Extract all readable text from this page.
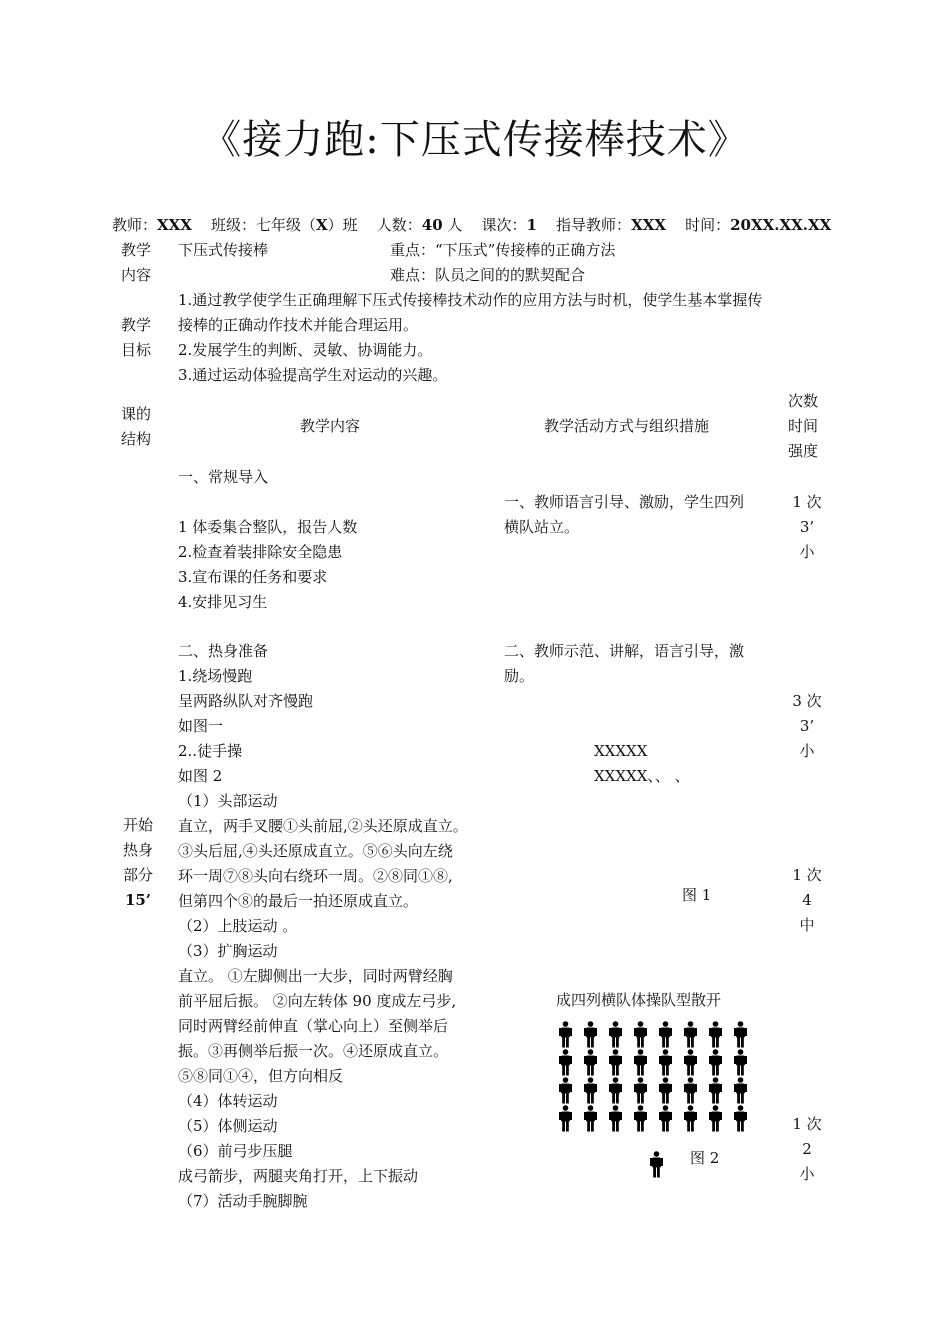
《接力跑:下压式传接棒技术》
教师：XXX 班级：七年级（X）班 人数：40 人 课次：1 指导教师：XXX 时间：20XX.XX.XX
教学
内容
下压式传接棒	重点：“下压式”传接棒的正确方法
难点：队员之间的的默契配合
教学
目标
1.通过教学使学生正确理解下压式传接棒技术动作的应用方法与时机，使学生基本掌握传
接棒的正确动作技术并能合理运用。
2.发展学生的判断、灵敏、协调能力。
3.通过运动体验提高学生对运动的兴趣。
课的
结构
教学内容	教学活动方式与组织措施
次数
时间
强度
一、常规导入
1 体委集合整队，报告人数
2.检查着装排除安全隐患
3.宣布课的任务和要求
4.安排见习生
一、教师语言引导、激励，学生四列
横队站立。
1 次
3’
小
二、热身准备
1.绕场慢跑
呈两路纵队对齐慢跑
如图一
2..徒手操
如图 2
（1）头部运动
直立，两手叉腰①头前屈,②头还原成直立。
③头后屈,④头还原成直立。⑤⑥头向左绕
环一周⑦⑧头向右绕环一周。②⑧同①⑧,
但第四个⑧的最后一拍还原成直立。
（2）上肢运动 。
（3）扩胸运动
直立。 ①左脚侧出一大步，同时两臂经胸
前平屈后振。 ②向左转体 90 度成左弓步,
同时两臂经前伸直（掌心向上）至侧举后
振。③再侧举后振一次。④还原成直立。
⑤⑧同①④，但方向相反
（4）体转运动
（5）体侧运动
（6）前弓步压腿
成弓箭步，两腿夹角打开，上下振动
（7）活动手腕脚腕
二、教师示范、讲解，语言引导，激
励。
XXXXX
XXXXX、、 、
图 1
成四列横队体操队型散开
图 2
开始
热身
部分
15’
3 次
3’
小
1 次
4
中
1 次
2
小
